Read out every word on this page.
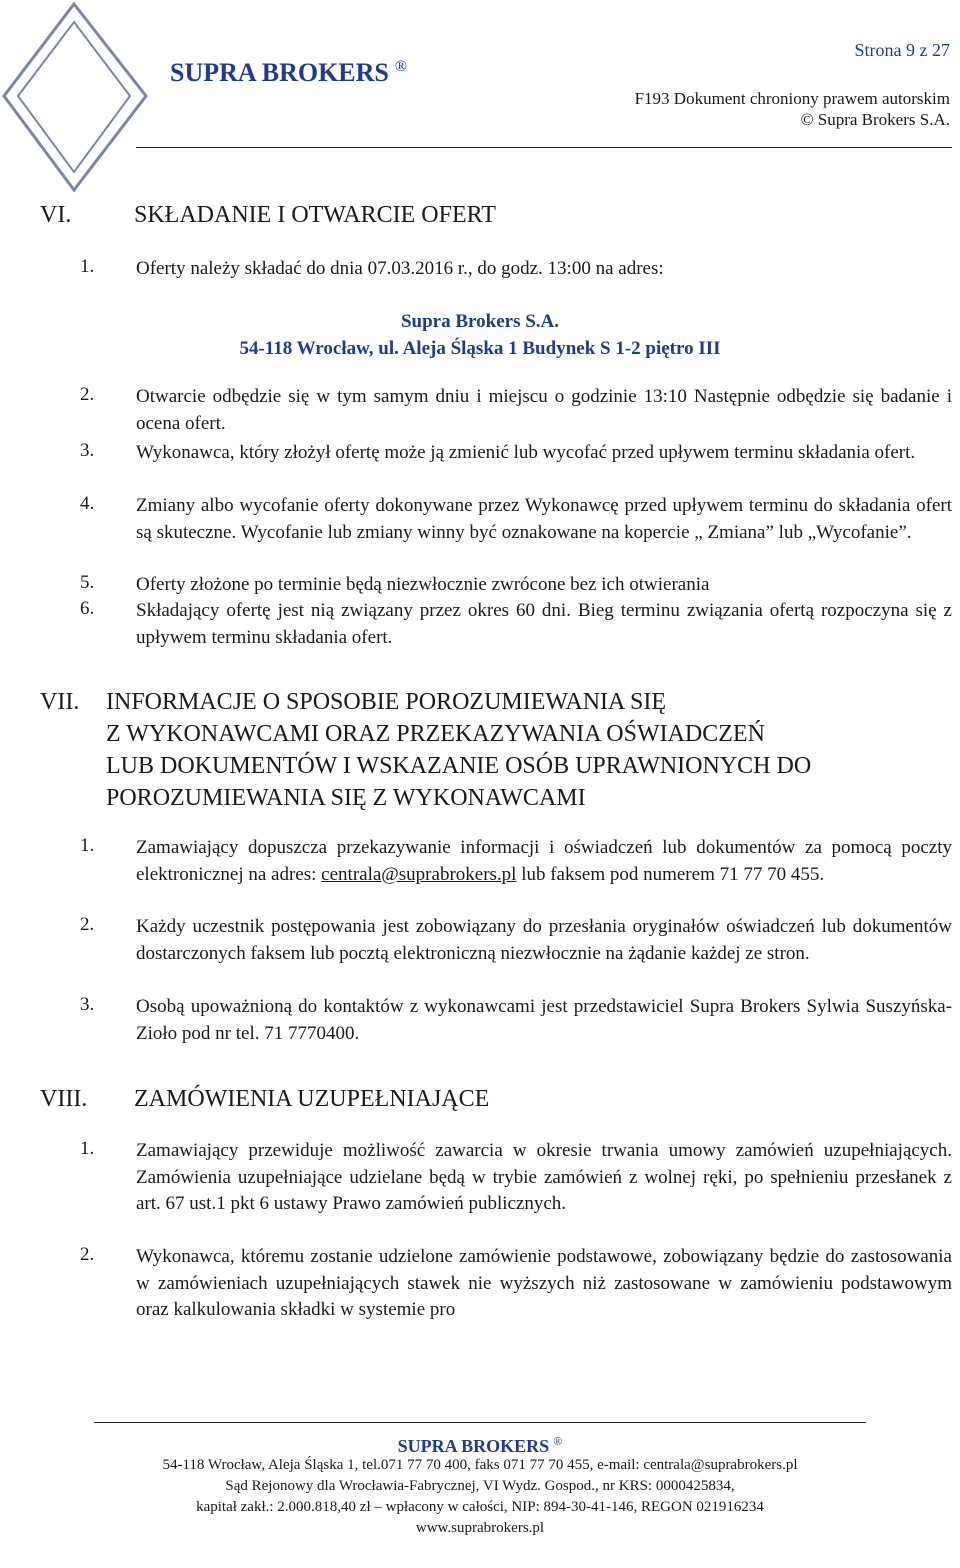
SUPRA BROKERS ®
Strona 9 z 27
F193 Dokument chroniony prawem autorskim
© Supra Brokers S.A.
VI.	SKŁADANIE I OTWARCIE OFERT
1.	Oferty należy składać do dnia 07.03.2016 r., do godz. 13:00 na adres:
Supra Brokers S.A.
54-118 Wrocław, ul. Aleja Śląska 1 Budynek S 1-2 piętro III
2.	Otwarcie odbędzie się w tym samym dniu i miejscu o godzinie 13:10 Następnie odbędzie się badanie i ocena ofert.
3.	Wykonawca, który złożył ofertę może ją zmienić lub wycofać przed upływem terminu składania ofert.
4.	Zmiany albo wycofanie oferty dokonywane przez Wykonawcę przed upływem terminu do składania ofert są skuteczne. Wycofanie lub zmiany winny być oznakowane na kopercie „ Zmiana” lub „Wycofanie”.
5.	Oferty złożone po terminie będą niezwłocznie zwrócone bez ich otwierania
6.	Składający ofertę jest nią związany przez okres 60 dni. Bieg terminu związania ofertą rozpoczyna się z upływem terminu składania ofert.
VII. INFORMACJE O SPOSOBIE POROZUMIEWANIA SIĘ
Z WYKONAWCAMI ORAZ PRZEKAZYWANIA OŚWIADCZEŃ
LUB DOKUMENTÓW I WSKAZANIE OSÓB UPRAWNIONYCH DO
POROZUMIEWANIA SIĘ Z WYKONAWCAMI
1.	Zamawiający dopuszcza przekazywanie informacji i oświadczeń lub dokumentów za pomocą poczty elektronicznej na adres: centrala@suprabrokers.pl lub faksem pod numerem 71 77 70 455.
2.	Każdy uczestnik postępowania jest zobowiązany do przesłania oryginałów oświadczeń lub dokumentów dostarczonych faksem lub pocztą elektroniczną niezwłocznie na żądanie każdej ze stron.
3.	Osobą upoważnioną do kontaktów z wykonawcami jest przedstawiciel Supra Brokers Sylwia Suszyńska-Zioło pod nr tel. 71 7770400.
VIII. ZAMÓWIENIA UZUPEŁNIAJĄCE
1.	Zamawiający przewiduje możliwość zawarcia w okresie trwania umowy zamówień uzupełniających. Zamówienia uzupełniające udzielane będą w trybie zamówień z wolnej ręki, po spełnieniu przesłanek z art. 67 ust.1 pkt 6 ustawy Prawo zamówień publicznych.
2.	Wykonawca, któremu zostanie udzielone zamówienie podstawowe, zobowiązany będzie do zastosowania w zamówieniach uzupełniających stawek nie wyższych niż zastosowane w zamówieniu podstawowym oraz kalkulowania składki w systemie pro
SUPRA BROKERS ®
54-118 Wrocław, Aleja Śląska 1, tel.071 77 70 400, faks 071 77 70 455, e-mail: centrala@suprabrokers.pl
Sąd Rejonowy dla Wrocławia-Fabrycznej, VI Wydz. Gospod., nr KRS: 0000425834,
kapitał zakł.: 2.000.818,40 zł – wpłacony w całości, NIP: 894-30-41-146, REGON 021916234
www.suprabrokers.pl
